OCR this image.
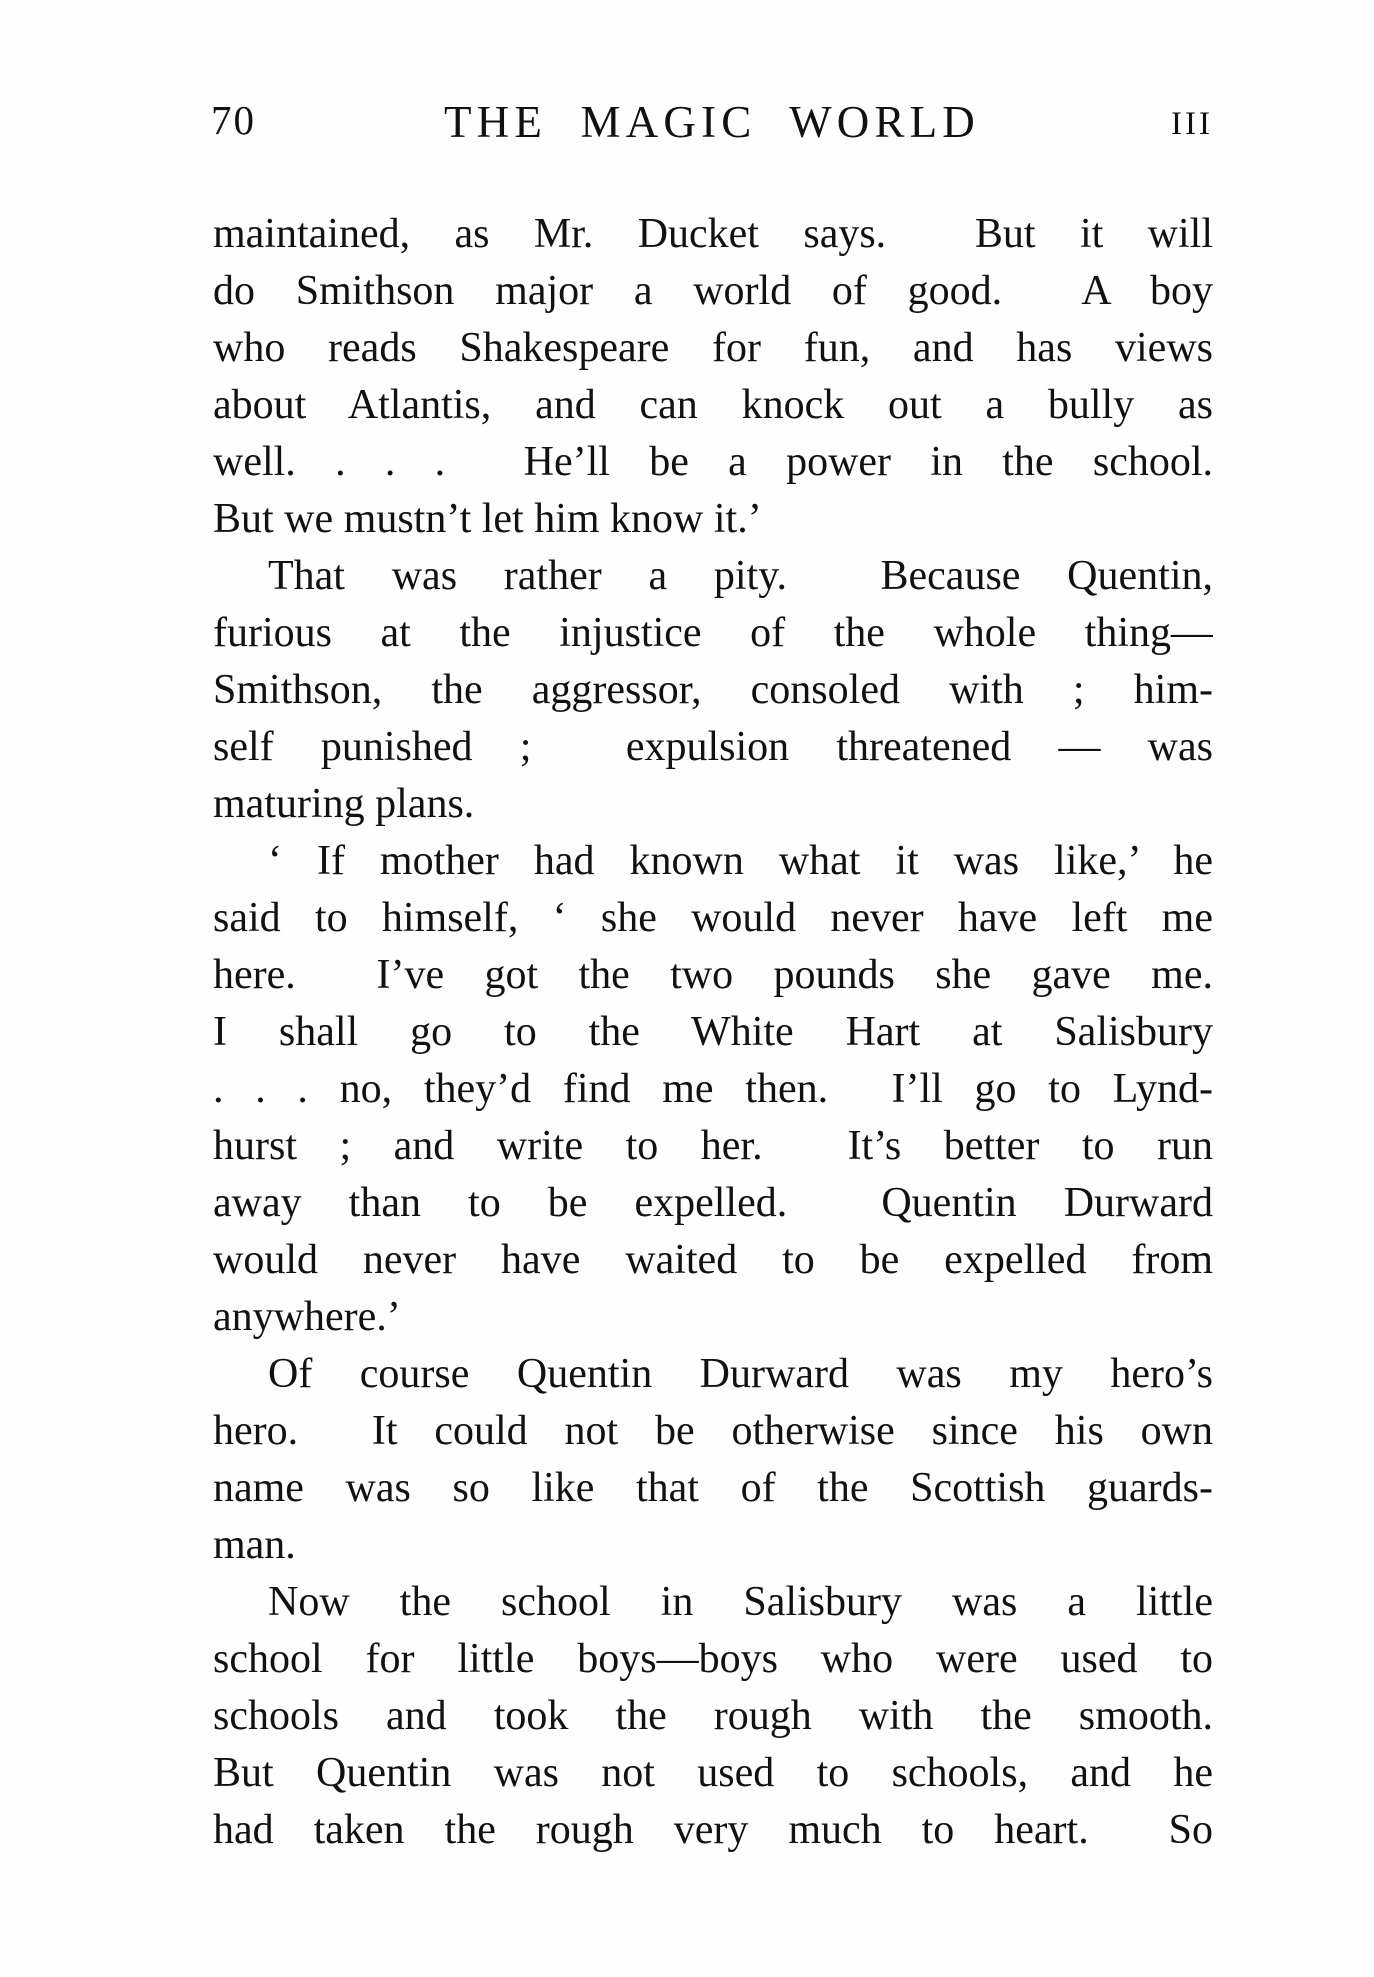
70	THE MAGIC WORLD	III
maintained, as Mr. Ducket says.  But it will
do Smithson major a world of good.  A boy
who reads Shakespeare for fun, and has views
about Atlantis, and can knock out a bully as
well. . . .  He’ll be a power in the school.
But we mustn’t let him know it.’
That was rather a pity.  Because Quentin,
furious at the injustice of the whole thing—
Smithson, the aggressor, consoled with ; him-
self punished ;  expulsion threatened — was
maturing plans.
‘ If mother had known what it was like,’ he
said to himself, ‘ she would never have left me
here.  I’ve got the two pounds she gave me.
I shall go to the White Hart at Salisbury
. . . no, they’d find me then.  I’ll go to Lynd-
hurst ; and write to her.  It’s better to run
away than to be expelled.  Quentin Durward
would never have waited to be expelled from
anywhere.’
Of course Quentin Durward was my hero’s
hero.  It could not be otherwise since his own
name was so like that of the Scottish guards-
man.
Now the school in Salisbury was a little
school for little boys—boys who were used to
schools and took the rough with the smooth.
But Quentin was not used to schools, and he
had taken the rough very much to heart.  So
